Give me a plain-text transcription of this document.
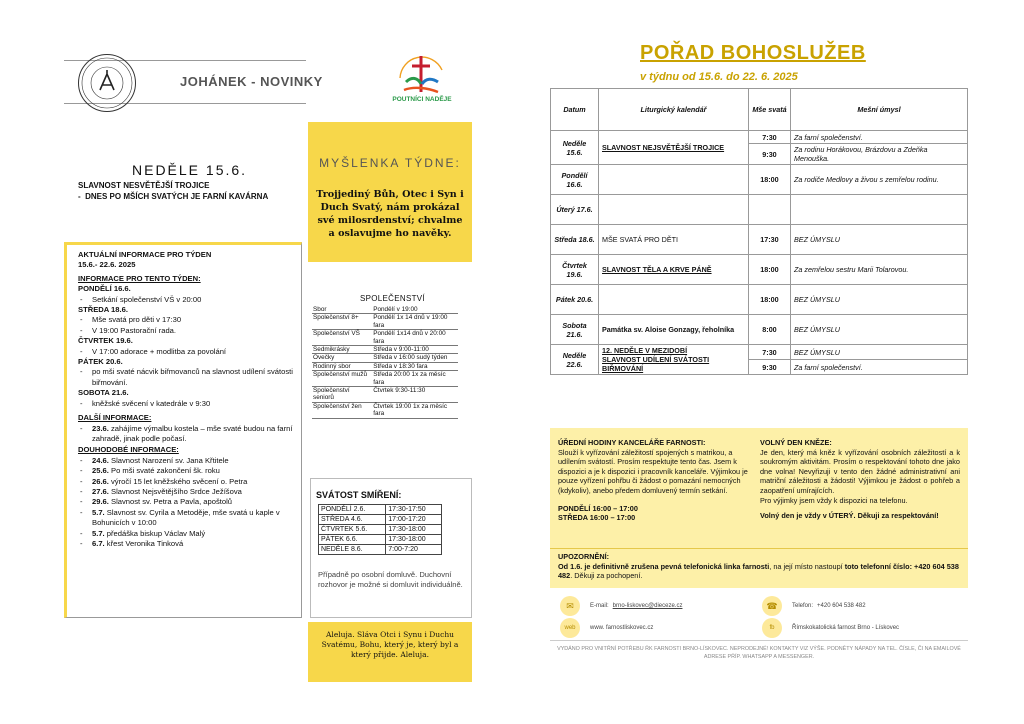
JOHÁNEK - NOVINKY
POUTNÍCI NADĚJE
NEDĚLE 15.6.
SLAVNOST NESVĚTĚJŠÍ TROJICE
-  DNES PO MŠÍCH SVATÝCH JE FARNÍ KAVÁRNA
MYŠLENKA TÝDNE:
Trojjediný Bůh, Otec i Syn i Duch Svatý, nám prokázal své milosrdenství; chvalme a oslavujme ho navěky.
AKTUÁLNÍ INFORMACE PRO TÝDEN
15.6.- 22.6. 2025
INFORMACE PRO TENTO TÝDEN:
PONDĚLÍ 16.6.
- Setkání společenství VŠ v 20:00
STŘEDA 18.6.
- Mše svatá pro děti v 17:30
- V 19:00 Pastorační rada.
ČTVRTEK 19.6.
- V 17:00 adorace + modlitba za povolání
PÁTEK 20.6.
- po mši svaté nácvik biřmovanců na slavnost udílení svátosti biřmování.
SOBOTA 21.6.
- kněžské svěcení v katedrále v 9:30
DALŠÍ INFORMACE:
- 23.6. zahájíme výmalbu kostela – mše svaté budou na farní zahradě, jinak podle počasí.
DOUHODOBÉ INFORMACE:
- 24.6. Slavnost Narození sv. Jana Křtitele
- 25.6. Po mši svaté zakončení šk. roku
- 26.6. výročí 15 let kněžského svěcení o. Petra
- 27.6. Slavnost Nejsvětějšího Srdce Ježíšova
- 29.6. Slavnost sv. Petra a Pavla, apoštolů
- 5.7. Slavnost sv. Cyrila a Metoděje, mše svatá u kaple v Bohunicích v 10:00
- 5.7. předáška biskup Václav Malý
- 6.7. křest Veronika Tinková
SPOLEČENSTVÍ
Sbor	Pondělí v 19:00
Společenství 8+	Pondělí 1x 14 dnů v 19:00 fara
Společenství VŠ	Pondělí 1x14 dnů v 20:00 fara
Sedmikrásky	Středa v 9:00-11:00
Ovečky	Středa v 16:00 sudý týden
Rodinný sbor	Středa v 18:30 fara
Společenství mužů	Středa 20:00 1x za měsíc fara
Společenství seniorů	Čtvrtek 9:30-11:30
Společenství žen	Čtvrtek 19:00 1x za měsíc fara
SVÁTOST SMÍŘENÍ:
PONDĚLÍ 2.6.	17:30-17:50
STŘEDA 4.6.	17:00-17:20
ČTVRTEK 5.6.	17:30-18:00
PÁTEK 6.6.	17:30-18:00
NEDĚLE 8.6.	7:00-7:20
Případně po osobní domluvě. Duchovní rozhovor je možné si domluvit individuálně.
Aleluja. Sláva Otci i Synu i Duchu Svatému, Bohu, který je, který byl a který přijde. Aleluja.
POŘAD BOHOSLUŽEB
v týdnu od 15.6. do 22. 6. 2025
Datum	Liturgický kalendář	Mše svatá	Mešní úmysl
Neděle 15.6.	SLAVNOST NEJSVĚTĚJŠÍ TROJICE	7:30	Za farní společenství.
		9:30	Za rodinu Horákovou, Brázdovu a Zdeňka Menouška.
Pondělí 16.6.		18:00	Za rodiče Medlovy a živou s zemřelou rodinu.
Úterý 17.6.			
Středa 18.6.	MŠE SVATÁ PRO DĚTI	17:30	BEZ ÚMYSLU
Čtvrtek 19.6.	SLAVNOST TĚLA A KRVE PÁNĚ	18:00	Za zemřelou sestru Marii Tolarovou.
Pátek 20.6.		18:00	BEZ ÚMYSLU
Sobota 21.6.	Památka sv. Aloise Gonzagy, řeholníka	8:00	BEZ ÚMYSLU
Neděle 22.6.	12. NEDĚLE V MEZIDOBÍ
SLAVNOST UDÍLENÍ SVÁTOSTI BIŘMOVÁNÍ	7:30	BEZ ÚMYSLU
		9:30	Za farní společenství.
ÚŘEDNÍ HODINY KANCELÁŘE FARNOSTI:
Slouží k vyřízování záležitostí spojených s matrikou, a udílením svátostí. Prosím respektujte tento čas. Jsem k dispozici a je k dispozici i pracovník kanceláře. Výjimkou je pouze vyřízení pohřbu či žádost o pomazání nemocných (kdykoliv), anebo předem domluvený termín setkání.
PONDĚLÍ 16:00 – 17:00
STŘEDA 16:00 – 17:00
VOLNÝ DEN KNĚZE:
Je den, který má kněz k vyřízování osobních záležitostí a k soukromým aktivitám. Prosím o respektování tohoto dne jako dne volna! Nevyřizuji v tento den žádné administrativní ani matriční záležitosti a žádosti! Výjimkou je žádost o pohřeb a zaopatření umírajících.
Pro výjimky jsem vždy k dispozici na telefonu.
Volný den je vždy v ÚTERÝ. Děkuji za respektování!
UPOZORNĚNÍ:
Od 1.6. je definitivně zrušena pevná telefonická linka farnosti, na její místo nastoupí toto telefonní číslo: +420 604 538 482. Děkuji za pochopení.
✉	E-mail: brno-liskovec@dieceze.cz	☎	Telefon: +420 604 538 482
web	www. farnostliskovec.cz	fb	Římskokatolická farnost Brno - Lískovec
VYDÁNO PRO VNITŘNÍ POTŘEBU ŘK FARNOSTI BRNO-LÍSKOVEC. NEPRODEJNÉ! KONTAKTY VIZ VÝŠE. PODNĚTY NÁPADY NA TEL. ČÍSLE, ČI NA EMAILOVÉ ADRESE PŘÍP. WHATSAPP A MESSENGER.
